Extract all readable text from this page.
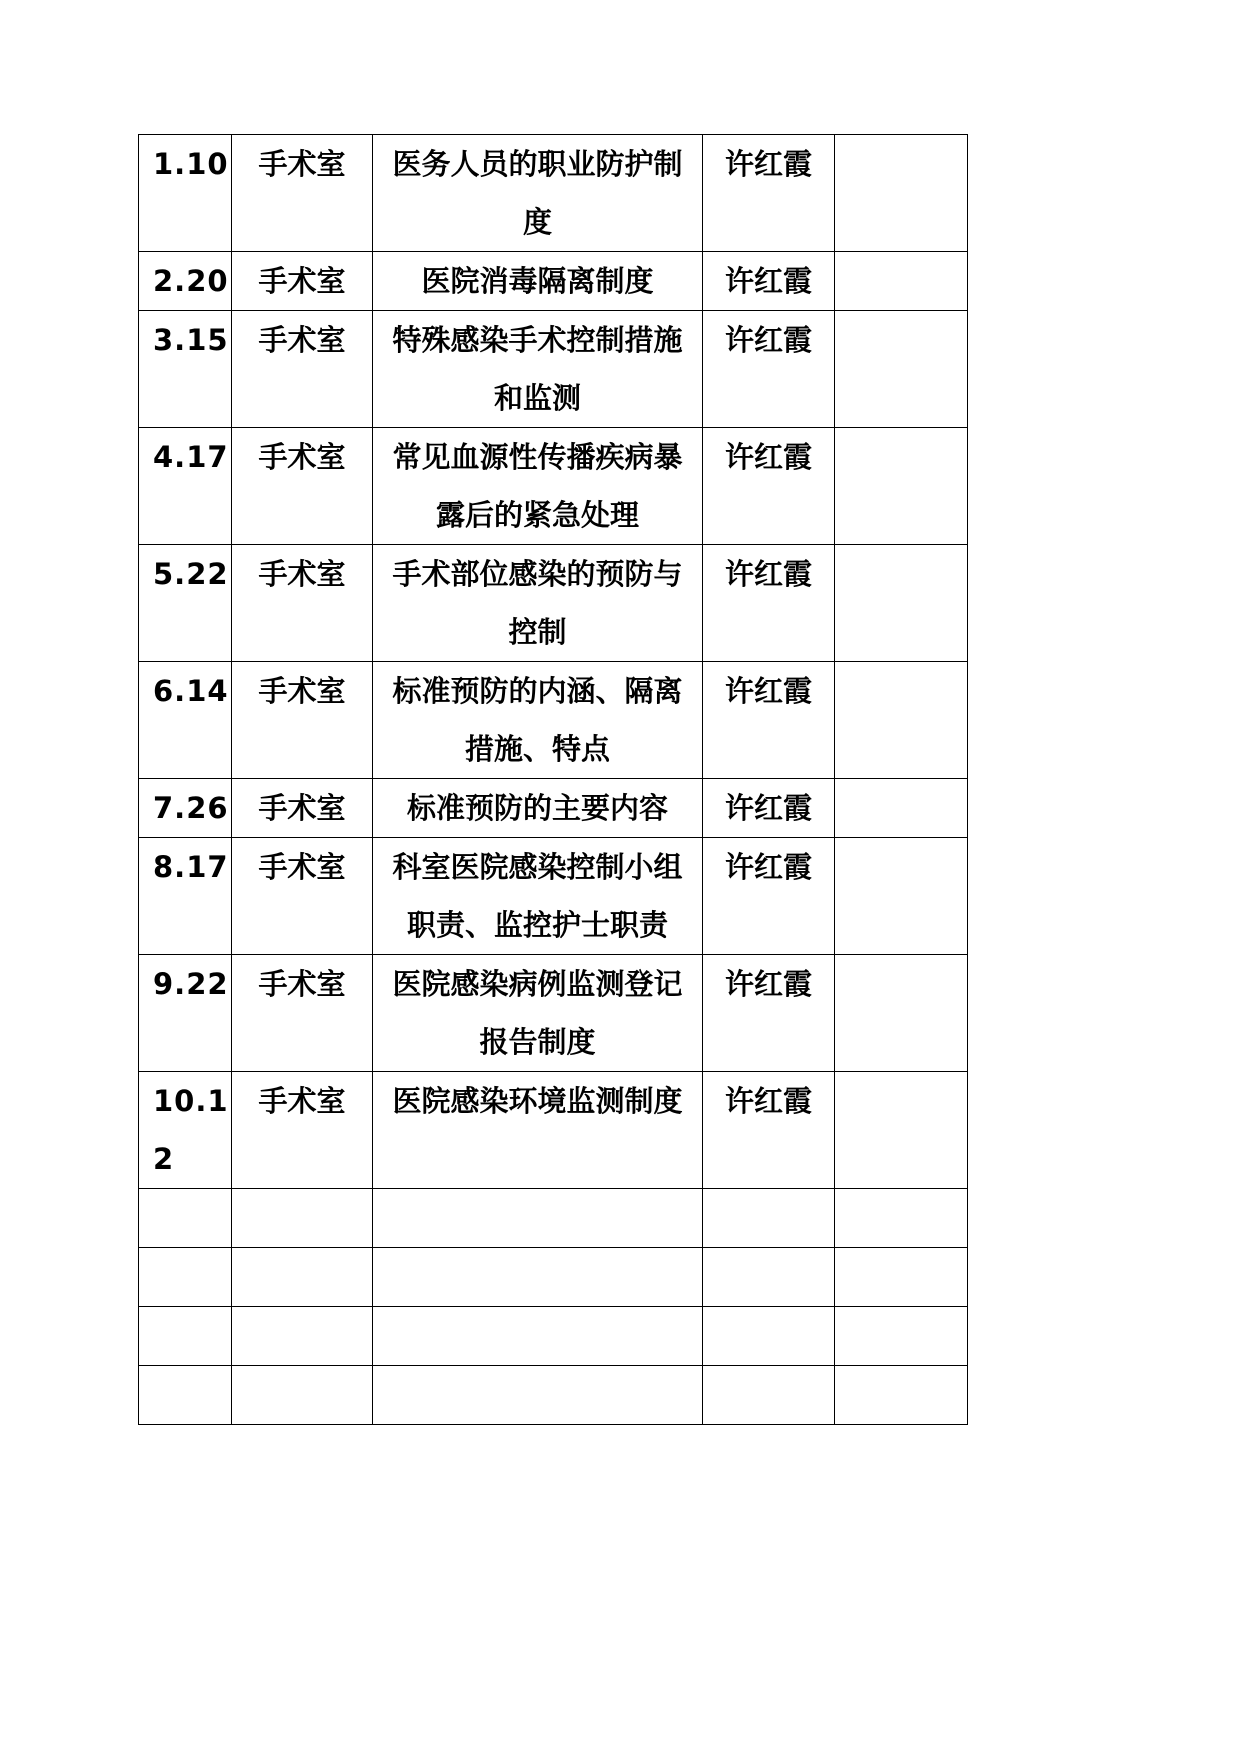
1.10	手术室	医务人员的职业防护制度	许红霞	
2.20	手术室	医院消毒隔离制度	许红霞	
3.15	手术室	特殊感染手术控制措施和监测	许红霞	
4.17	手术室	常见血源性传播疾病暴露后的紧急处理	许红霞	
5.22	手术室	手术部位感染的预防与控制	许红霞	
6.14	手术室	标准预防的内涵、隔离措施、特点	许红霞	
7.26	手术室	标准预防的主要内容	许红霞	
8.17	手术室	科室医院感染控制小组职责、监控护士职责	许红霞	
9.22	手术室	医院感染病例监测登记报告制度	许红霞	
10.12	手术室	医院感染环境监测制度	许红霞	
